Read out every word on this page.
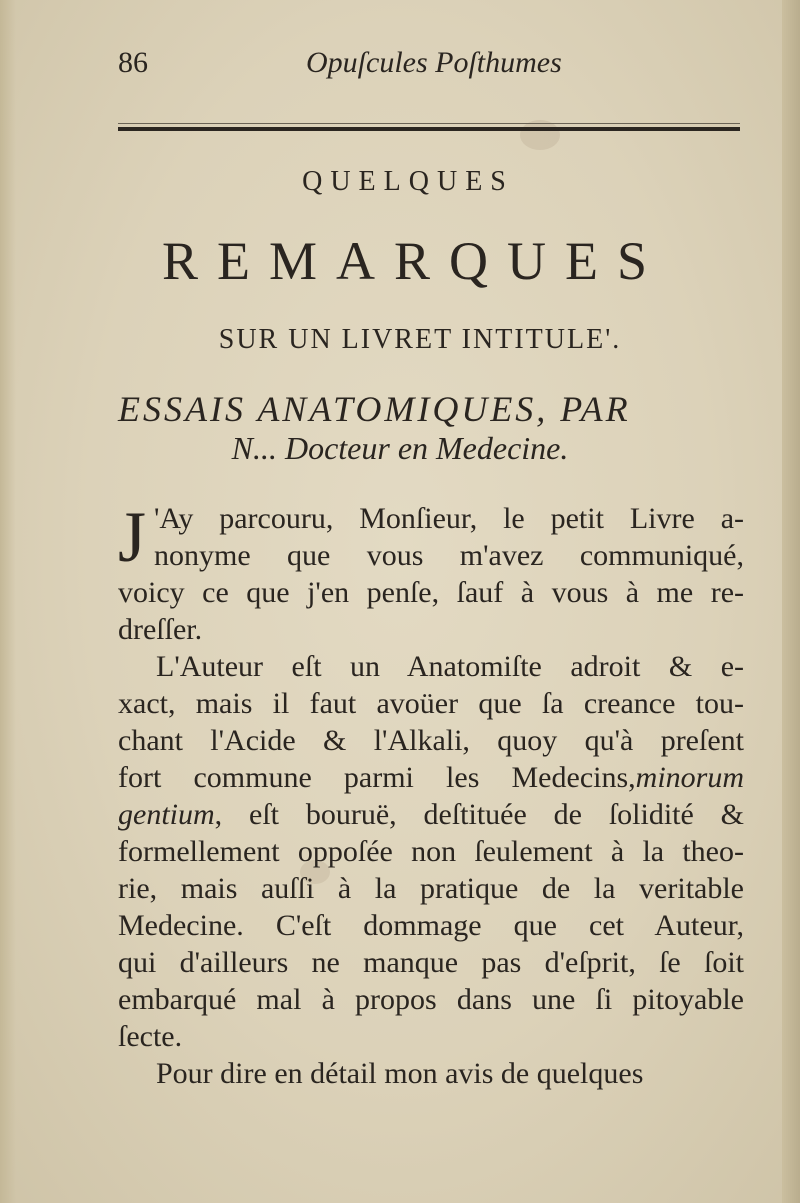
86	Opuſcules Poſthumes
QUELQUES
REMARQUES
SUR UN LIVRET INTITULE'.
ESSAIS ANATOMIQUES, PAR
N... Docteur en Medecine.
J 'Ay parcouru, Monſieur, le petit Livre a-
nonyme que vous m'avez communiqué,
voicy ce que j'en penſe, ſauf à vous à me re-
dreſſer.
L'Auteur eſt un Anatomiſte adroit & e-
xact, mais il faut avoüer que ſa creance tou-
chant l'Acide & l'Alkali, quoy qu'à preſent
fort commune parmi les Medecins,minorum
gentium, eſt bouruë, deſtituée de ſolidité &
formellement oppoſée non ſeulement à la theo-
rie, mais auſſi à la pratique de la veritable
Medecine. C'eſt dommage que cet Auteur,
qui d'ailleurs ne manque pas d'eſprit, ſe ſoit
embarqué mal à propos dans une ſi pitoyable
ſecte.
Pour dire en détail mon avis de quelques
